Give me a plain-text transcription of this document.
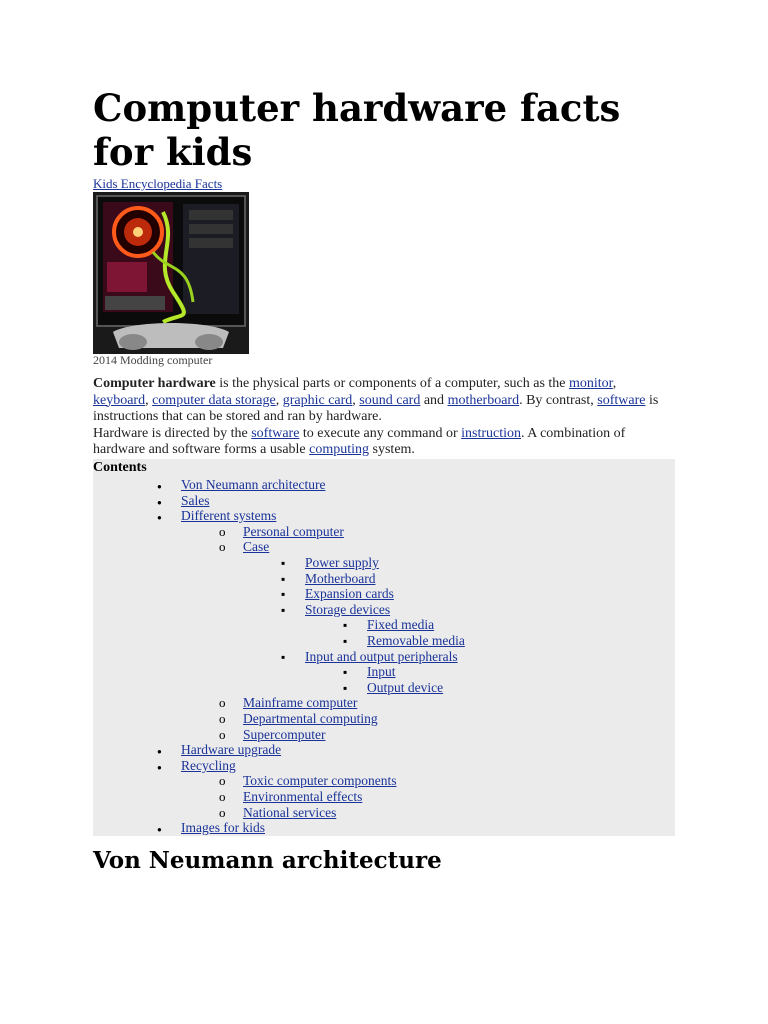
Computer hardware facts for kids
Kids Encyclopedia Facts
2014 Modding computer

Computer hardware is the physical parts or components of a computer, such as the monitor, keyboard, computer data storage, graphic card, sound card and motherboard. By contrast, software is instructions that can be stored and ran by hardware.

Hardware is directed by the software to execute any command or instruction. A combination of hardware and software forms a usable computing system.

Contents
● Von Neumann architecture
● Sales
● Different systems
o Personal computer
o Case
▪ Power supply
▪ Motherboard
▪ Expansion cards
▪ Storage devices
▪ Fixed media
▪ Removable media
▪ Input and output peripherals
▪ Input
▪ Output device
o Mainframe computer
o Departmental computing
o Supercomputer
● Hardware upgrade
● Recycling
o Toxic computer components
o Environmental effects
o National services
● Images for kids
Von Neumann architecture
